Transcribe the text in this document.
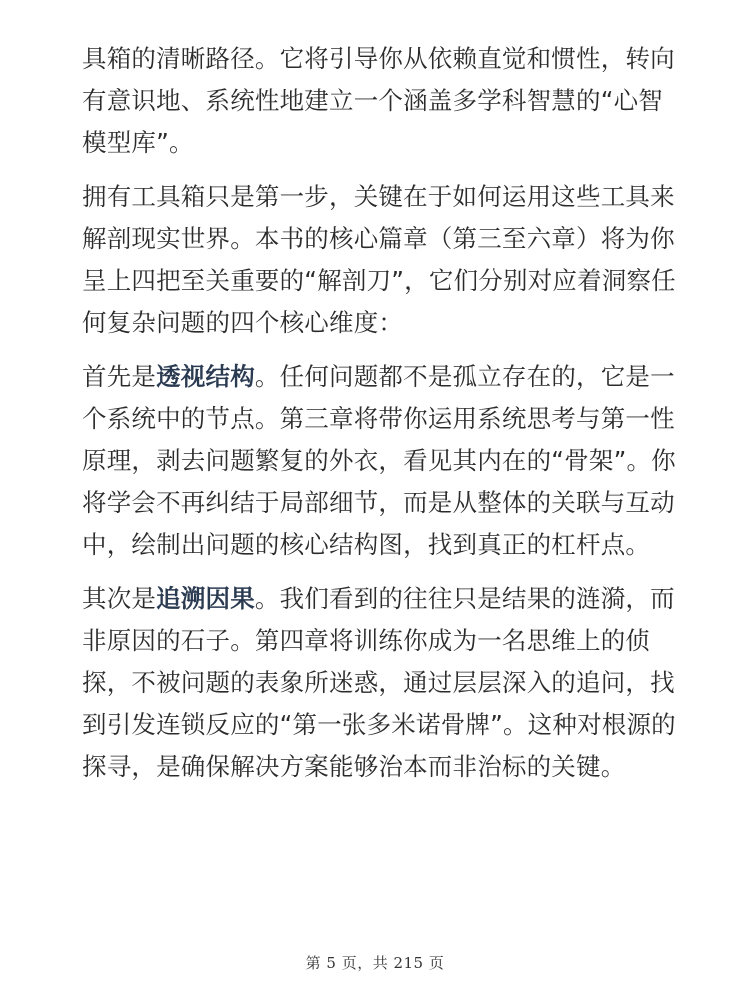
具箱的清晰路径。它将引导你从依赖直觉和惯性，转向有意识地、系统性地建立一个涵盖多学科智慧的“心智模型库”。

拥有工具箱只是第一步，关键在于如何运用这些工具来解剖现实世界。本书的核心篇章（第三至六章）将为你呈上四把至关重要的“解剖刀”，它们分别对应着洞察任何复杂问题的四个核心维度：

首先是透视结构。任何问题都不是孤立存在的，它是一个系统中的节点。第三章将带你运用系统思考与第一性原理，剥去问题繁复的外衣，看见其内在的“骨架”。你将学会不再纠结于局部细节，而是从整体的关联与互动中，绘制出问题的核心结构图，找到真正的杠杆点。

其次是追溯因果。我们看到的往往只是结果的涟漪，而非原因的石子。第四章将训练你成为一名思维上的侦探，不被问题的表象所迷惑，通过层层深入的追问，找到引发连锁反应的“第一张多米诺骨牌”。这种对根源的探寻，是确保解决方案能够治本而非治标的关键。

第 5 页，共 215 页
